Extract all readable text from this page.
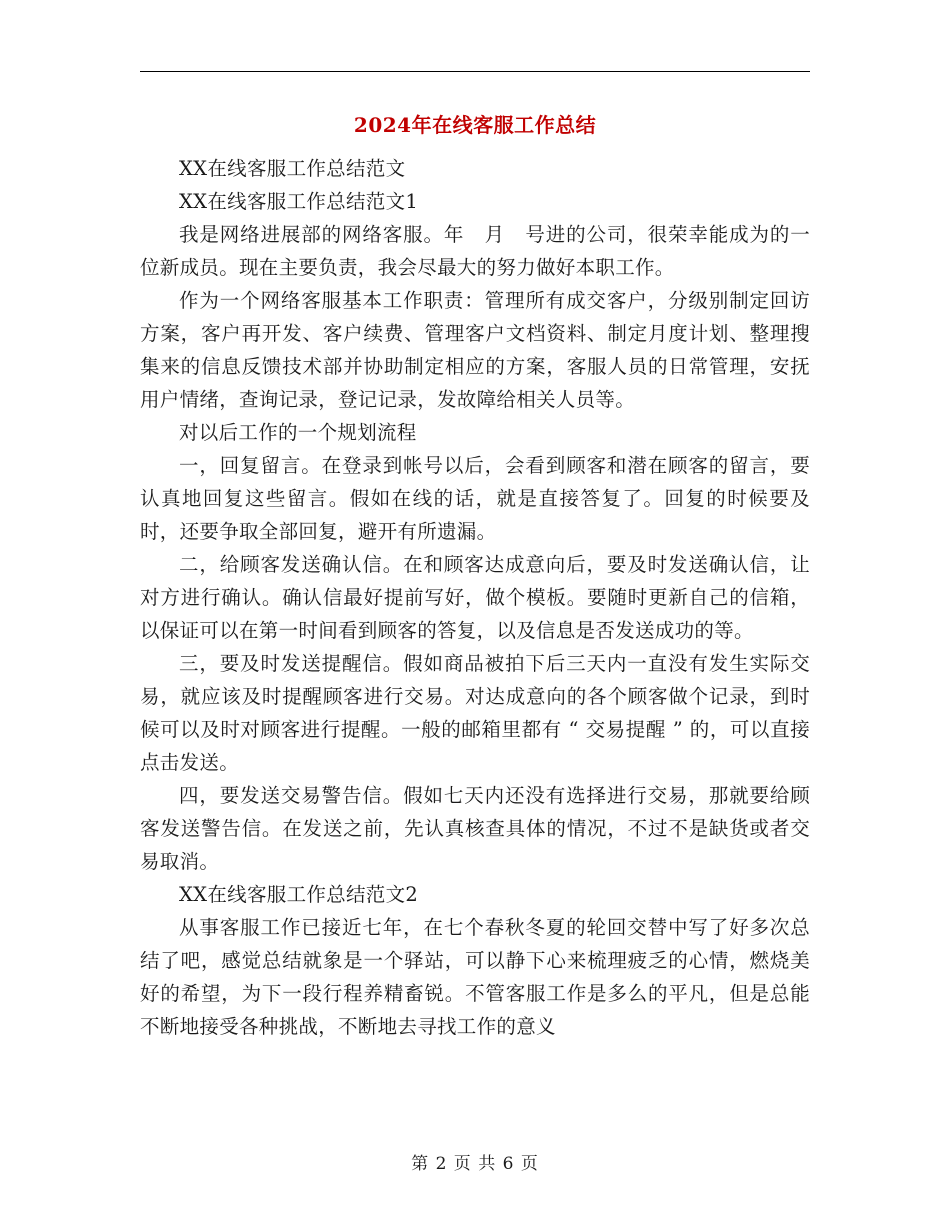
2024年在线客服工作总结

XX在线客服工作总结范文

XX在线客服工作总结范文1

我是网络进展部的网络客服。年　月　号进的公司，很荣幸能成为的一位新成员。现在主要负责，我会尽最大的努力做好本职工作。

作为一个网络客服基本工作职责：管理所有成交客户，分级别制定回访方案，客户再开发、客户续费、管理客户文档资料、制定月度计划、整理搜集来的信息反馈技术部并协助制定相应的方案，客服人员的日常管理，安抚用户情绪，查询记录，登记记录，发故障给相关人员等。

对以后工作的一个规划流程

一，回复留言。在登录到帐号以后，会看到顾客和潜在顾客的留言，要认真地回复这些留言。假如在线的话，就是直接答复了。回复的时候要及时，还要争取全部回复，避开有所遗漏。

二，给顾客发送确认信。在和顾客达成意向后，要及时发送确认信，让对方进行确认。确认信最好提前写好，做个模板。要随时更新自己的信箱，以保证可以在第一时间看到顾客的答复，以及信息是否发送成功的等。

三，要及时发送提醒信。假如商品被拍下后三天内一直没有发生实际交易，就应该及时提醒顾客进行交易。对达成意向的各个顾客做个记录，到时候可以及时对顾客进行提醒。一般的邮箱里都有 “ 交易提醒 ” 的，可以直接点击发送。

四，要发送交易警告信。假如七天内还没有选择进行交易，那就要给顾客发送警告信。在发送之前，先认真核查具体的情况，不过不是缺货或者交易取消。

XX在线客服工作总结范文2

从事客服工作已接近七年，在七个春秋冬夏的轮回交替中写了好多次总结了吧，感觉总结就象是一个驿站，可以静下心来梳理疲乏的心情，燃烧美好的希望，为下一段行程养精畜锐。不管客服工作是多么的平凡，但是总能不断地接受各种挑战，不断地去寻找工作的意义

第 2 页 共 6 页
